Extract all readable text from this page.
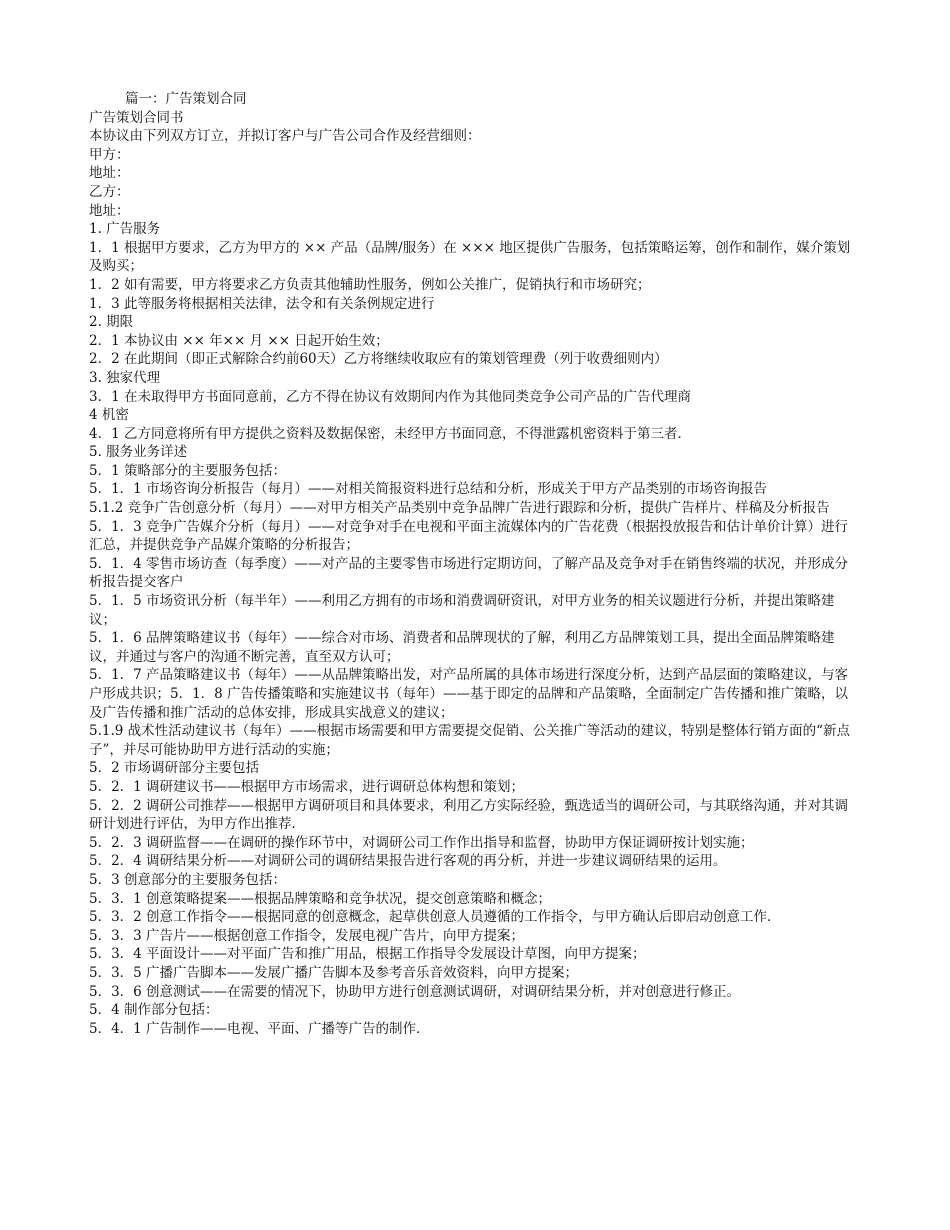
篇一：广告策划合同

广告策划合同书

本协议由下列双方订立，并拟订客户与广告公司合作及经营细则：

甲方：

地址：

乙方：

地址：

1. 广告服务

1．1 根据甲方要求，乙方为甲方的 ×× 产品（品牌/服务）在 ××× 地区提供广告服务，包括策略运筹，创作和制作，媒介策划及购买；

1．2 如有需要，甲方将要求乙方负责其他辅助性服务，例如公关推广，促销执行和市场研究；

1．3 此等服务将根据相关法律，法令和有关条例规定进行

2. 期限

2．1 本协议由 ×× 年×× 月 ×× 日起开始生效；

2．2 在此期间（即正式解除合约前60天）乙方将继续收取应有的策划管理费（列于收费细则内）

3. 独家代理

3．1 在未取得甲方书面同意前，乙方不得在协议有效期间内作为其他同类竞争公司产品的广告代理商

4 机密

4．1 乙方同意将所有甲方提供之资料及数据保密，未经甲方书面同意，不得泄露机密资料于第三者．

5. 服务业务详述

5．1 策略部分的主要服务包括：

5．1．1 市场咨询分析报告（每月）——对相关简报资料进行总结和分析，形成关于甲方产品类别的市场咨询报告

5.1.2 竞争广告创意分析（每月）——对甲方相关产品类别中竞争品牌广告进行跟踪和分析，提供广告样片、样稿及分析报告

5．1．3 竞争广告媒介分析（每月）——对竞争对手在电视和平面主流媒体内的广告花费（根据投放报告和估计单价计算）进行汇总，并提供竞争产品媒介策略的分析报告；

5．1．4 零售市场访查（每季度）——对产品的主要零售市场进行定期访问，了解产品及竞争对手在销售终端的状况，并形成分析报告提交客户

5．1．5 市场资讯分析（每半年）——利用乙方拥有的市场和消费调研资讯，对甲方业务的相关议题进行分析，并提出策略建议；

5．1．6 品牌策略建议书（每年）——综合对市场、消费者和品牌现状的了解，利用乙方品牌策划工具，提出全面品牌策略建议，并通过与客户的沟通不断完善，直至双方认可；

5．1．7 产品策略建议书（每年）——从品牌策略出发，对产品所属的具体市场进行深度分析，达到产品层面的策略建议，与客户形成共识；5．1．8 广告传播策略和实施建议书（每年）——基于即定的品牌和产品策略，全面制定广告传播和推广策略，以及广告传播和推广活动的总体安排，形成具实战意义的建议；

5.1.9 战术性活动建议书（每年）——根据市场需要和甲方需要提交促销、公关推广等活动的建议，特别是整体行销方面的“新点子”，并尽可能协助甲方进行活动的实施；

5．2 市场调研部分主要包括

5．2．1 调研建议书——根据甲方市场需求，进行调研总体构想和策划；

5．2．2 调研公司推荐——根据甲方调研项目和具体要求，利用乙方实际经验，甄选适当的调研公司，与其联络沟通，并对其调研计划进行评估，为甲方作出推荐．

5．2．3 调研监督——在调研的操作环节中，对调研公司工作作出指导和监督，协助甲方保证调研按计划实施；

5．2．4 调研结果分析——对调研公司的调研结果报告进行客观的再分析，并进一步建议调研结果的运用。

5．3 创意部分的主要服务包括：

5．3．1 创意策略提案——根据品牌策略和竞争状况，提交创意策略和概念；

5．3．2 创意工作指令——根据同意的创意概念，起草供创意人员遵循的工作指令，与甲方确认后即启动创意工作．

5．3．3 广告片——根据创意工作指令，发展电视广告片，向甲方提案；

5．3．4 平面设计——对平面广告和推广用品，根据工作指导令发展设计草图，向甲方提案；

5．3．5 广播广告脚本——发展广播广告脚本及参考音乐音效资料，向甲方提案；

5．3．6 创意测试——在需要的情况下，协助甲方进行创意测试调研，对调研结果分析，并对创意进行修正。

5．4 制作部分包括：

5．4．1 广告制作——电视、平面、广播等广告的制作．
